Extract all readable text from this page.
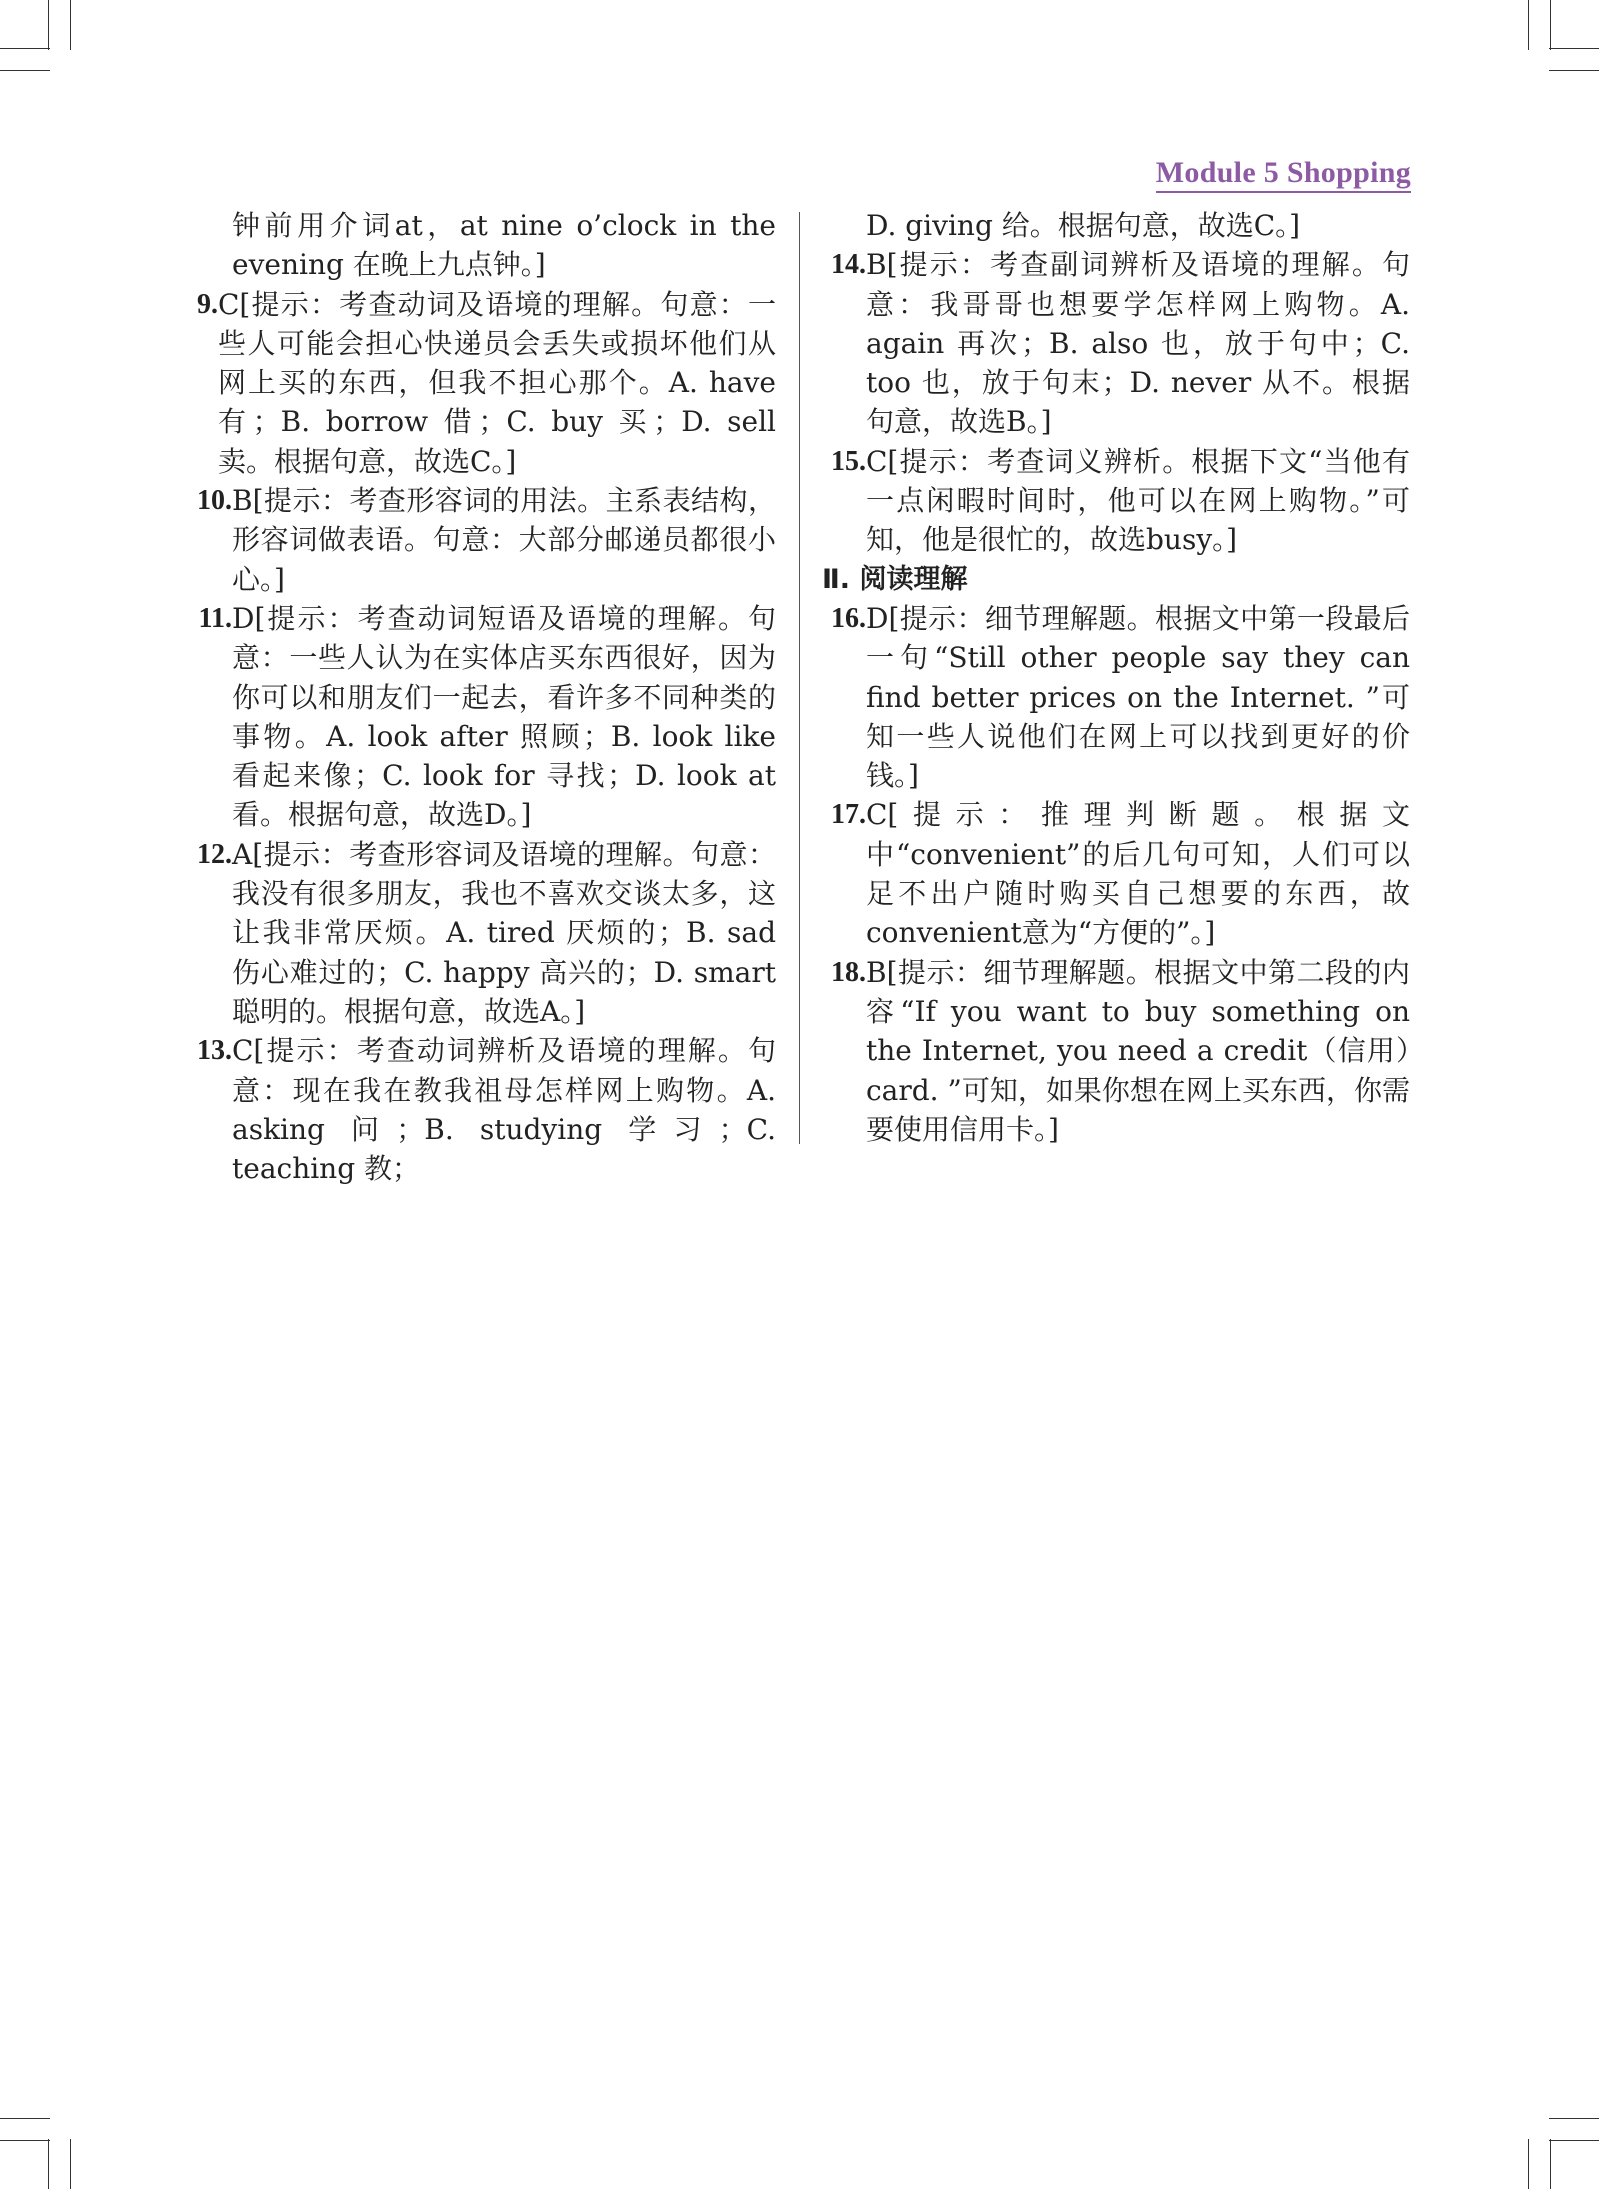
Module 5 Shopping

钟前用介词at，at nine o’clock in the evening 在晚上九点钟。]

9. C[提示：考查动词及语境的理解。句意：一些人可能会担心快递员会丢失或损坏他们从网上买的东西，但我不担心那个。A. have 有；B. borrow 借；C. buy 买；D. sell 卖。根据句意，故选C。]
10. B[提示：考查形容词的用法。主系表结构，形容词做表语。句意：大部分邮递员都很小心。]
11. D[提示：考查动词短语及语境的理解。句意：一些人认为在实体店买东西很好，因为你可以和朋友们一起去，看许多不同种类的事物。A. look after 照顾；B. look like 看起来像；C. look for 寻找；D. look at 看。根据句意，故选D。]
12. A[提示：考查形容词及语境的理解。句意：我没有很多朋友，我也不喜欢交谈太多，这让我非常厌烦。A. tired 厌烦的；B. sad 伤心难过的；C. happy 高兴的；D. smart 聪明的。根据句意，故选A。]
13. C[提示：考查动词辨析及语境的理解。句意：现在我在教我祖母怎样网上购物。A. asking 问；B. studying 学习；C. teaching 教；

D. giving 给。根据句意，故选C。]

14. B[提示：考查副词辨析及语境的理解。句意：我哥哥也想要学怎样网上购物。A. again 再次；B. also 也，放于句中；C. too 也，放于句末；D. never 从不。根据句意，故选B。]
15. C[提示：考查词义辨析。根据下文“当他有一点闲暇时间时，他可以在网上购物。”可知，他是很忙的，故选busy。]

Ⅱ. 阅读理解

16. D[提示：细节理解题。根据文中第一段最后一句“Still other people say they can find better prices on the Internet. ”可知一些人说他们在网上可以找到更好的价钱。]
17. C[提示：推理判断题。根据文中“convenient”的后几句可知，人们可以足不出户随时购买自己想要的东西，故convenient意为“方便的”。]
18. B[提示：细节理解题。根据文中第二段的内容“If you want to buy something on the Internet, you need a credit（信用）card. ”可知，如果你想在网上买东西，你需要使用信用卡。]
